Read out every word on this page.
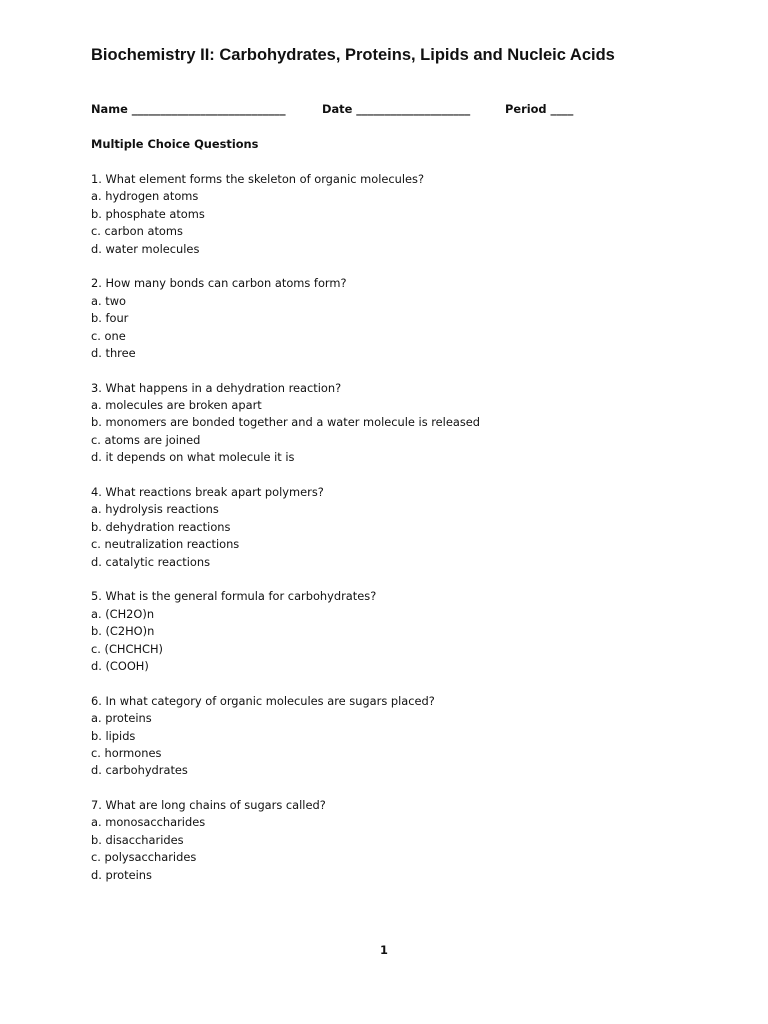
Biochemistry II: Carbohydrates, Proteins, Lipids and Nucleic Acids
Name ___________________________	Date ____________________	Period ____
Multiple Choice Questions
1. What element forms the skeleton of organic molecules?
a. hydrogen atoms
b. phosphate atoms
c. carbon atoms
d. water molecules
2. How many bonds can carbon atoms form?
a. two
b. four
c. one
d. three
3. What happens in a dehydration reaction?
a. molecules are broken apart
b. monomers are bonded together and a water molecule is released
c. atoms are joined
d. it depends on what molecule it is
4. What reactions break apart polymers?
a. hydrolysis reactions
b. dehydration reactions
c. neutralization reactions
d. catalytic reactions
5. What is the general formula for carbohydrates?
a. (CH2O)n
b. (C2HO)n
c. (CHCHCH)
d. (COOH)
6. In what category of organic molecules are sugars placed?
a. proteins
b. lipids
c. hormones
d. carbohydrates
7. What are long chains of sugars called?
a. monosaccharides
b. disaccharides
c. polysaccharides
d. proteins
1
